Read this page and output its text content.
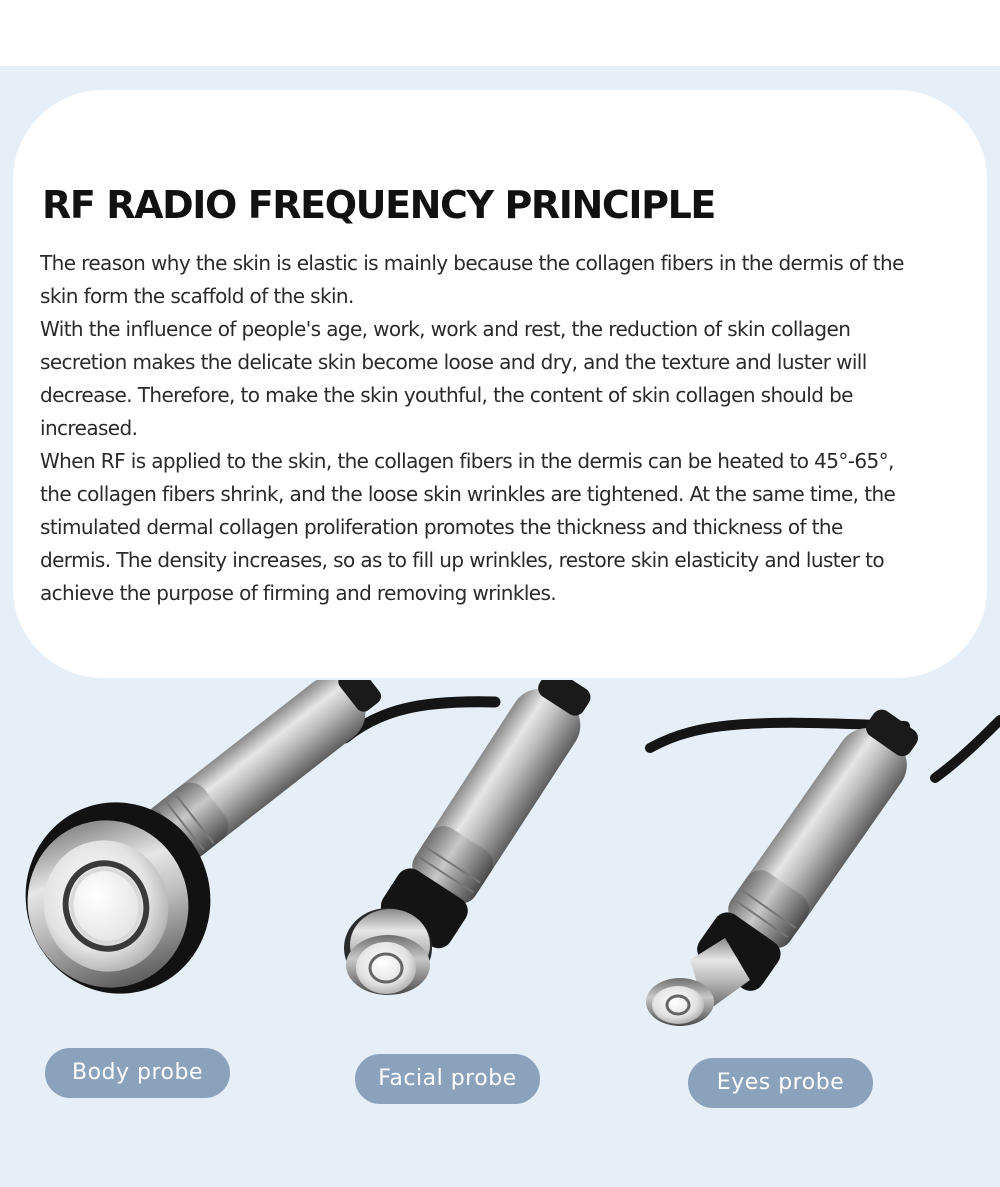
RF RADIO FREQUENCY PRINCIPLE
The reason why the skin is elastic is mainly because the collagen fibers in the dermis of the
skin form the scaffold of the skin.
With the influence of people's age, work, work and rest, the reduction of skin collagen
secretion makes the delicate skin become loose and dry, and the texture and luster will
decrease. Therefore, to make the skin youthful, the content of skin collagen should be
increased.
When RF is applied to the skin, the collagen fibers in the dermis can be heated to 45°-65°,
the collagen fibers shrink, and the loose skin wrinkles are tightened. At the same time, the
stimulated dermal collagen proliferation promotes the thickness and thickness of the
dermis. The density increases, so as to fill up wrinkles, restore skin elasticity and luster to
achieve the purpose of firming and removing wrinkles.
Body probe	Facial probe	Eyes probe
